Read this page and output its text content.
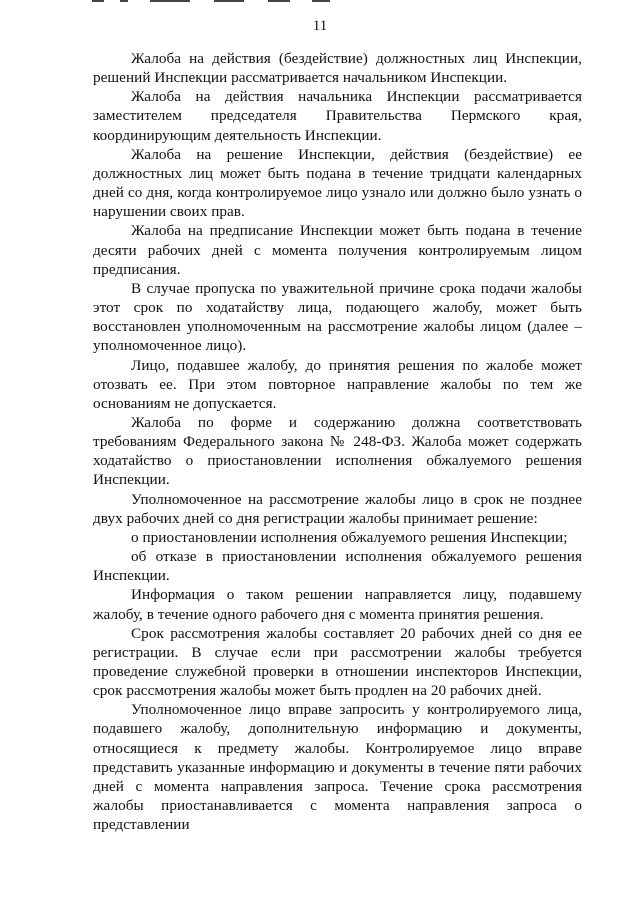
11

Жалоба на действия (бездействие) должностных лиц Инспекции, решений Инспекции рассматривается начальником Инспекции.

Жалоба на действия начальника Инспекции рассматривается заместителем председателя Правительства Пермского края, координирующим деятельность Инспекции.

Жалоба на решение Инспекции, действия (бездействие) ее должностных лиц может быть подана в течение тридцати календарных дней со дня, когда контролируемое лицо узнало или должно было узнать о нарушении своих прав.

Жалоба на предписание Инспекции может быть подана в течение десяти рабочих дней с момента получения контролируемым лицом предписания.

В случае пропуска по уважительной причине срока подачи жалобы этот срок по ходатайству лица, подающего жалобу, может быть восстановлен уполномоченным на рассмотрение жалобы лицом (далее – уполномоченное лицо).

Лицо, подавшее жалобу, до принятия решения по жалобе может отозвать ее. При этом повторное направление жалобы по тем же основаниям не допускается.

Жалоба по форме и содержанию должна соответствовать требованиям Федерального закона № 248-ФЗ. Жалоба может содержать ходатайство о приостановлении исполнения обжалуемого решения Инспекции.

Уполномоченное на рассмотрение жалобы лицо в срок не позднее двух рабочих дней со дня регистрации жалобы принимает решение:

о приостановлении исполнения обжалуемого решения Инспекции;

об отказе в приостановлении исполнения обжалуемого решения Инспекции.

Информация о таком решении направляется лицу, подавшему жалобу, в течение одного рабочего дня с момента принятия решения.

Срок рассмотрения жалобы составляет 20 рабочих дней со дня ее регистрации. В случае если при рассмотрении жалобы требуется проведение служебной проверки в отношении инспекторов Инспекции, срок рассмотрения жалобы может быть продлен на 20 рабочих дней.

Уполномоченное лицо вправе запросить у контролируемого лица, подавшего жалобу, дополнительную информацию и документы, относящиеся к предмету жалобы. Контролируемое лицо вправе представить указанные информацию и документы в течение пяти рабочих дней с момента направления запроса. Течение срока рассмотрения жалобы приостанавливается с момента направления запроса о представлении
